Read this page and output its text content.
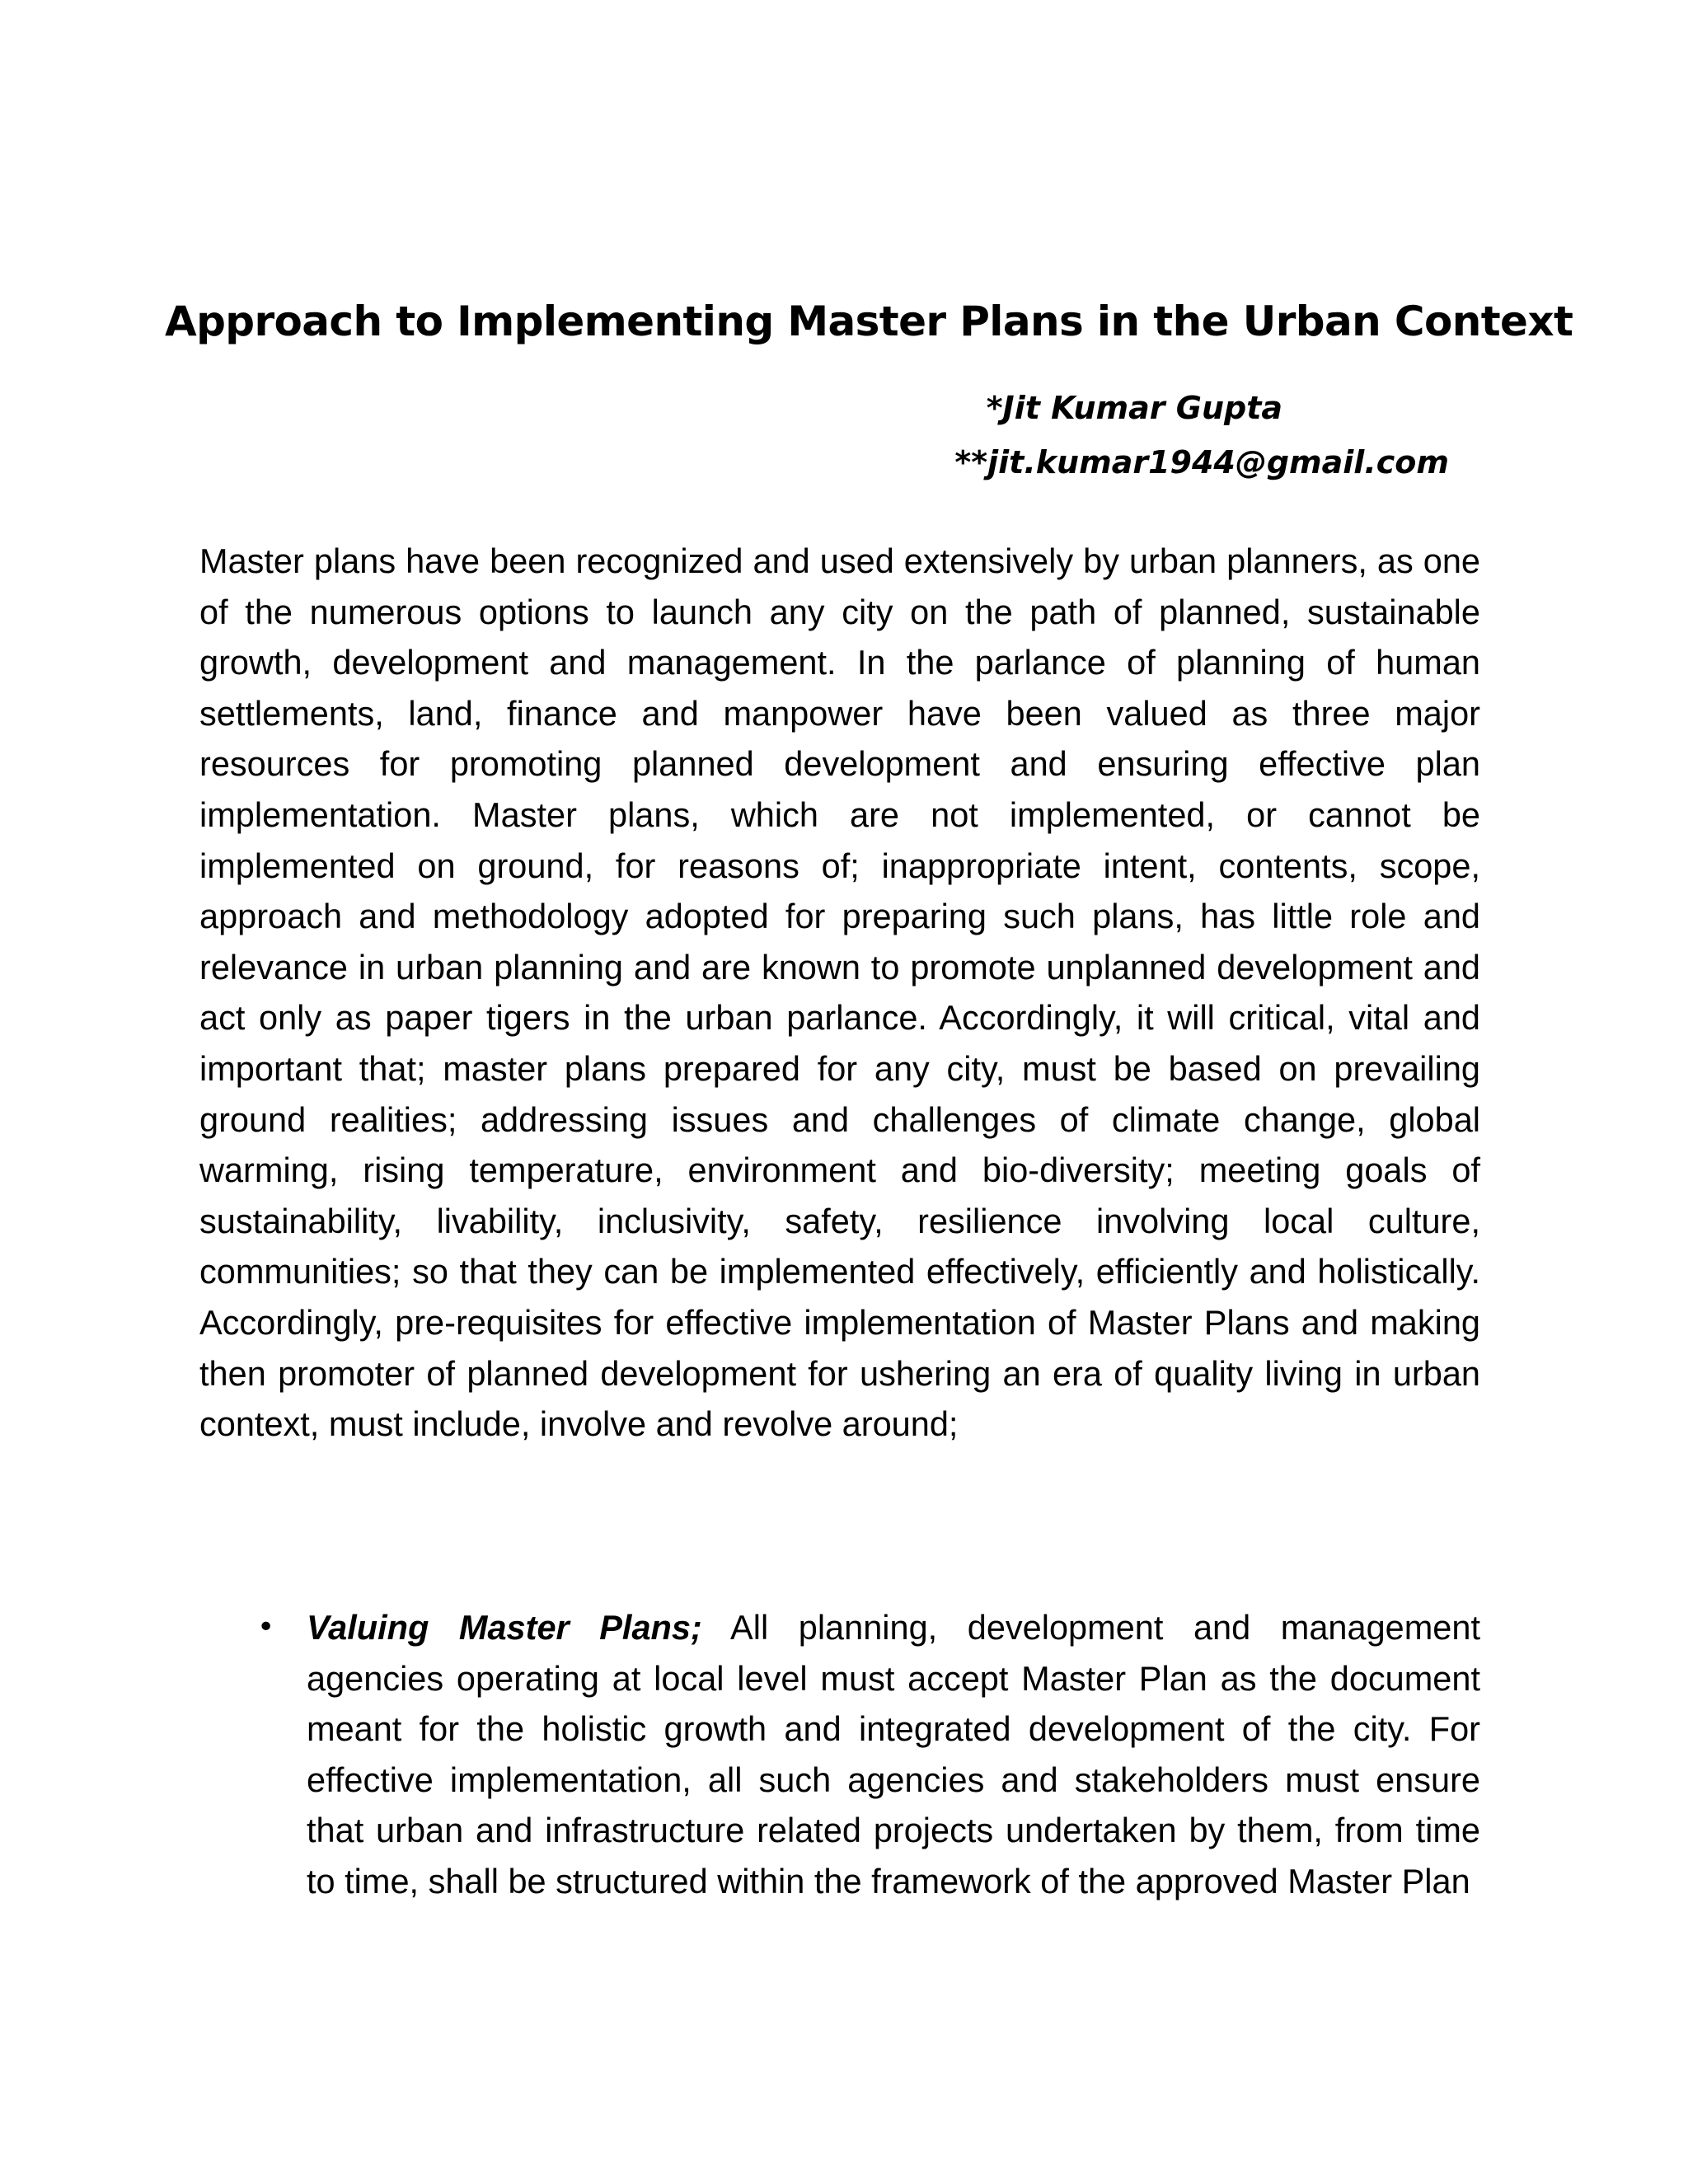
Approach to Implementing Master Plans in the Urban Context
*Jit Kumar Gupta
**jit.kumar1944@gmail.com

Master plans have been recognized and used extensively by urban planners, as one of the numerous options to launch any city on the path of planned, sustainable growth, development and management. In the parlance of planning of human settlements, land, finance and manpower have been valued as three major resources for promoting planned development and ensuring effective plan implementation. Master plans, which are not implemented, or cannot be implemented on ground, for reasons of; inappropriate intent, contents, scope, approach and methodology adopted for preparing such plans, has little role and relevance in urban planning and are known to promote unplanned development and act only as paper tigers in the urban parlance. Accordingly, it will critical, vital and important that; master plans prepared for any city, must be based on prevailing ground realities; addressing issues and challenges of climate change, global warming, rising temperature, environment and bio-diversity; meeting goals of sustainability, livability, inclusivity, safety, resilience involving local culture, communities; so that they can be implemented effectively, efficiently and holistically. Accordingly, pre-requisites for effective implementation of Master Plans and making then promoter of planned development for ushering an era of quality living in urban context, must include, involve and revolve around;

• Valuing Master Plans; All planning, development and management agencies operating at local level must accept Master Plan as the document meant for the holistic growth and integrated development of the city. For effective implementation, all such agencies and stakeholders must ensure that urban and infrastructure related projects undertaken by them, from time to time, shall be structured within the framework of the approved Master Plan
